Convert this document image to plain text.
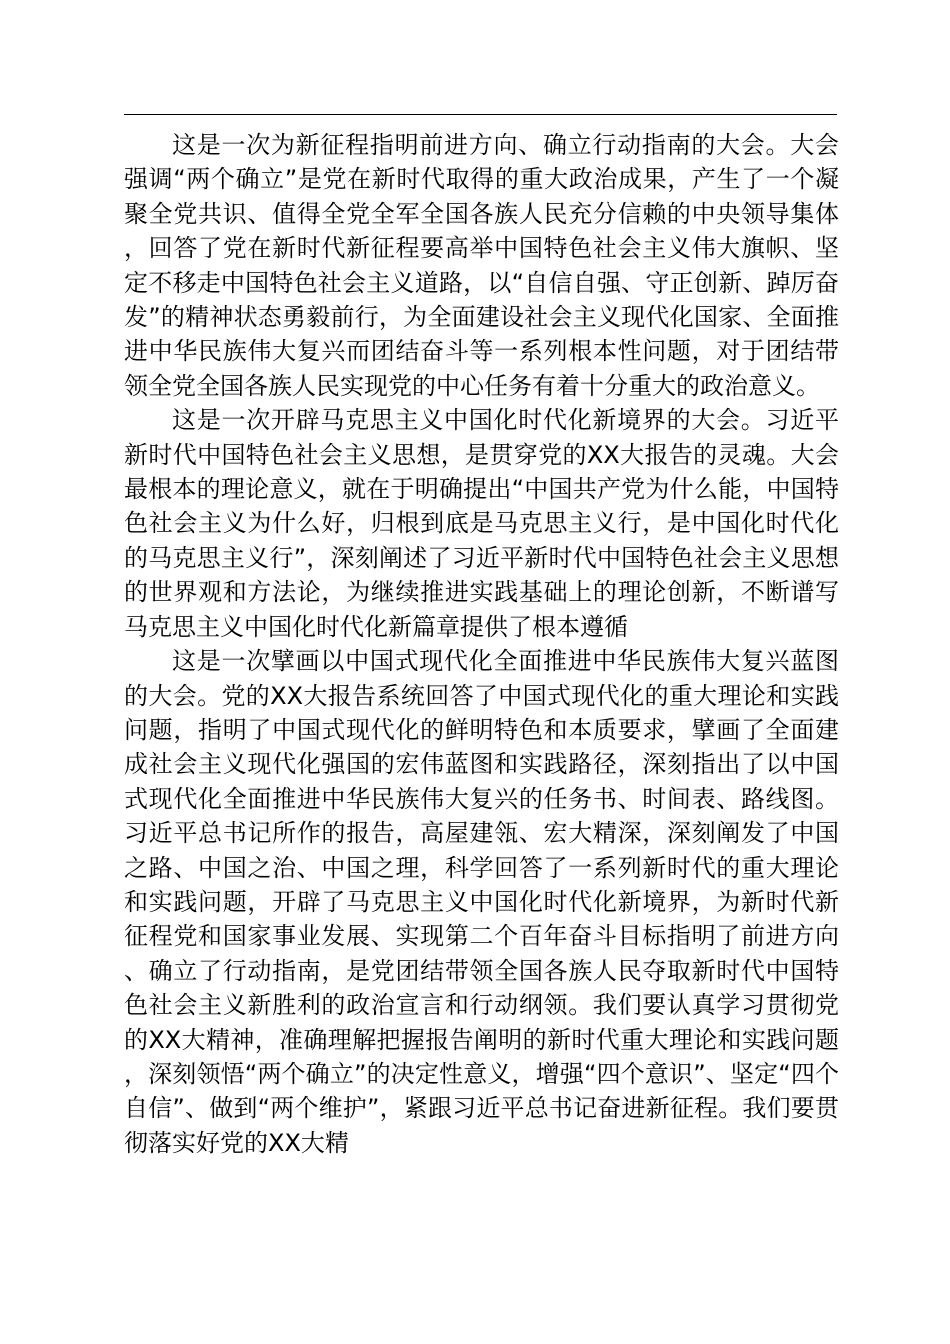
这是一次为新征程指明前进方向、确立行动指南的大会。大会强调“两个确立”是党在新时代取得的重大政治成果，产生了一个凝聚全党共识、值得全党全军全国各族人民充分信赖的中央领导集体，回答了党在新时代新征程要高举中国特色社会主义伟大旗帜、坚定不移走中国特色社会主义道路，以“自信自强、守正创新、踔厉奋发”的精神状态勇毅前行，为全面建设社会主义现代化国家、全面推进中华民族伟大复兴而团结奋斗等一系列根本性问题，对于团结带领全党全国各族人民实现党的中心任务有着十分重大的政治意义。

这是一次开辟马克思主义中国化时代化新境界的大会。习近平新时代中国特色社会主义思想，是贯穿党的XX大报告的灵魂。大会最根本的理论意义，就在于明确提出“中国共产党为什么能，中国特色社会主义为什么好，归根到底是马克思主义行，是中国化时代化的马克思主义行”，深刻阐述了习近平新时代中国特色社会主义思想的世界观和方法论，为继续推进实践基础上的理论创新，不断谱写马克思主义中国化时代化新篇章提供了根本遵循

这是一次擘画以中国式现代化全面推进中华民族伟大复兴蓝图的大会。党的XX大报告系统回答了中国式现代化的重大理论和实践问题，指明了中国式现代化的鲜明特色和本质要求，擘画了全面建成社会主义现代化强国的宏伟蓝图和实践路径，深刻指出了以中国式现代化全面推进中华民族伟大复兴的任务书、时间表、路线图。习近平总书记所作的报告，高屋建瓴、宏大精深，深刻阐发了中国之路、中国之治、中国之理，科学回答了一系列新时代的重大理论和实践问题，开辟了马克思主义中国化时代化新境界，为新时代新征程党和国家事业发展、实现第二个百年奋斗目标指明了前进方向、确立了行动指南，是党团结带领全国各族人民夺取新时代中国特色社会主义新胜利的政治宣言和行动纲领。我们要认真学习贯彻党的XX大精神，准确理解把握报告阐明的新时代重大理论和实践问题，深刻领悟“两个确立”的决定性意义，增强“四个意识”、坚定“四个自信”、做到“两个维护”，紧跟习近平总书记奋进新征程。我们要贯彻落实好党的XX大精
